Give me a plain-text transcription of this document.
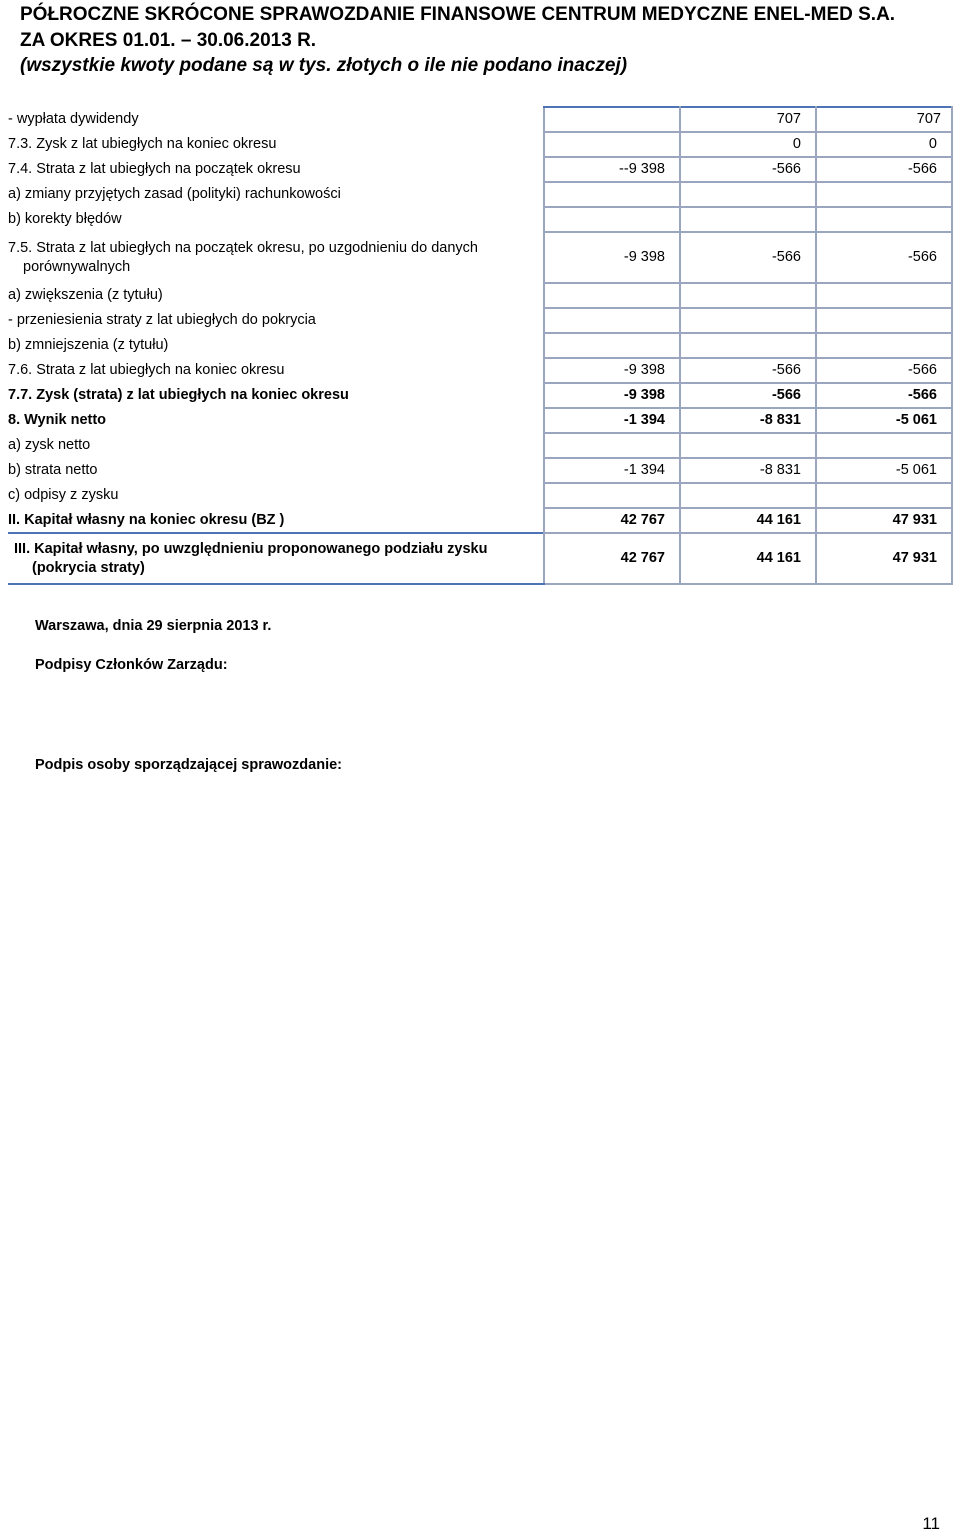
PÓŁROCZNE SKRÓCONE SPRAWOZDANIE FINANSOWE CENTRUM MEDYCZNE ENEL-MED S.A.
ZA OKRES 01.01. – 30.06.2013 R.
(wszystkie kwoty podane są w tys. złotych o ile nie podano inaczej)
- wypłata dywidendy		707	707
7.3. Zysk z lat ubiegłych na koniec okresu		0	0
7.4. Strata z lat ubiegłych na początek okresu	--9 398	-566	-566
a) zmiany przyjętych zasad (polityki) rachunkowości			
b) korekty błędów			

7.5. Strata z lat ubiegłych na początek okresu, po uzgodnieniu do danych
porównywalnych	-9 398	-566	-566
a) zwiększenia (z tytułu)			
- przeniesienia straty z lat ubiegłych do pokrycia			
b) zmniejszenia (z tytułu)			
7.6. Strata z lat ubiegłych na koniec okresu	-9 398	-566	-566
7.7. Zysk (strata) z lat ubiegłych na koniec okresu	-9 398	-566	-566
8. Wynik netto	-1 394	-8 831	-5 061
a) zysk netto			
b) strata netto	-1 394	-8 831	-5 061
c) odpisy z zysku			
II. Kapitał własny na koniec okresu (BZ )	42 767	44 161	47 931

III. Kapitał własny, po uwzględnieniu proponowanego podziału zysku
(pokrycia straty)	42 767	44 161	47 931
Warszawa, dnia 29 sierpnia 2013 r.
Podpisy Członków Zarządu:
Podpis osoby sporządzającej sprawozdanie:
11
